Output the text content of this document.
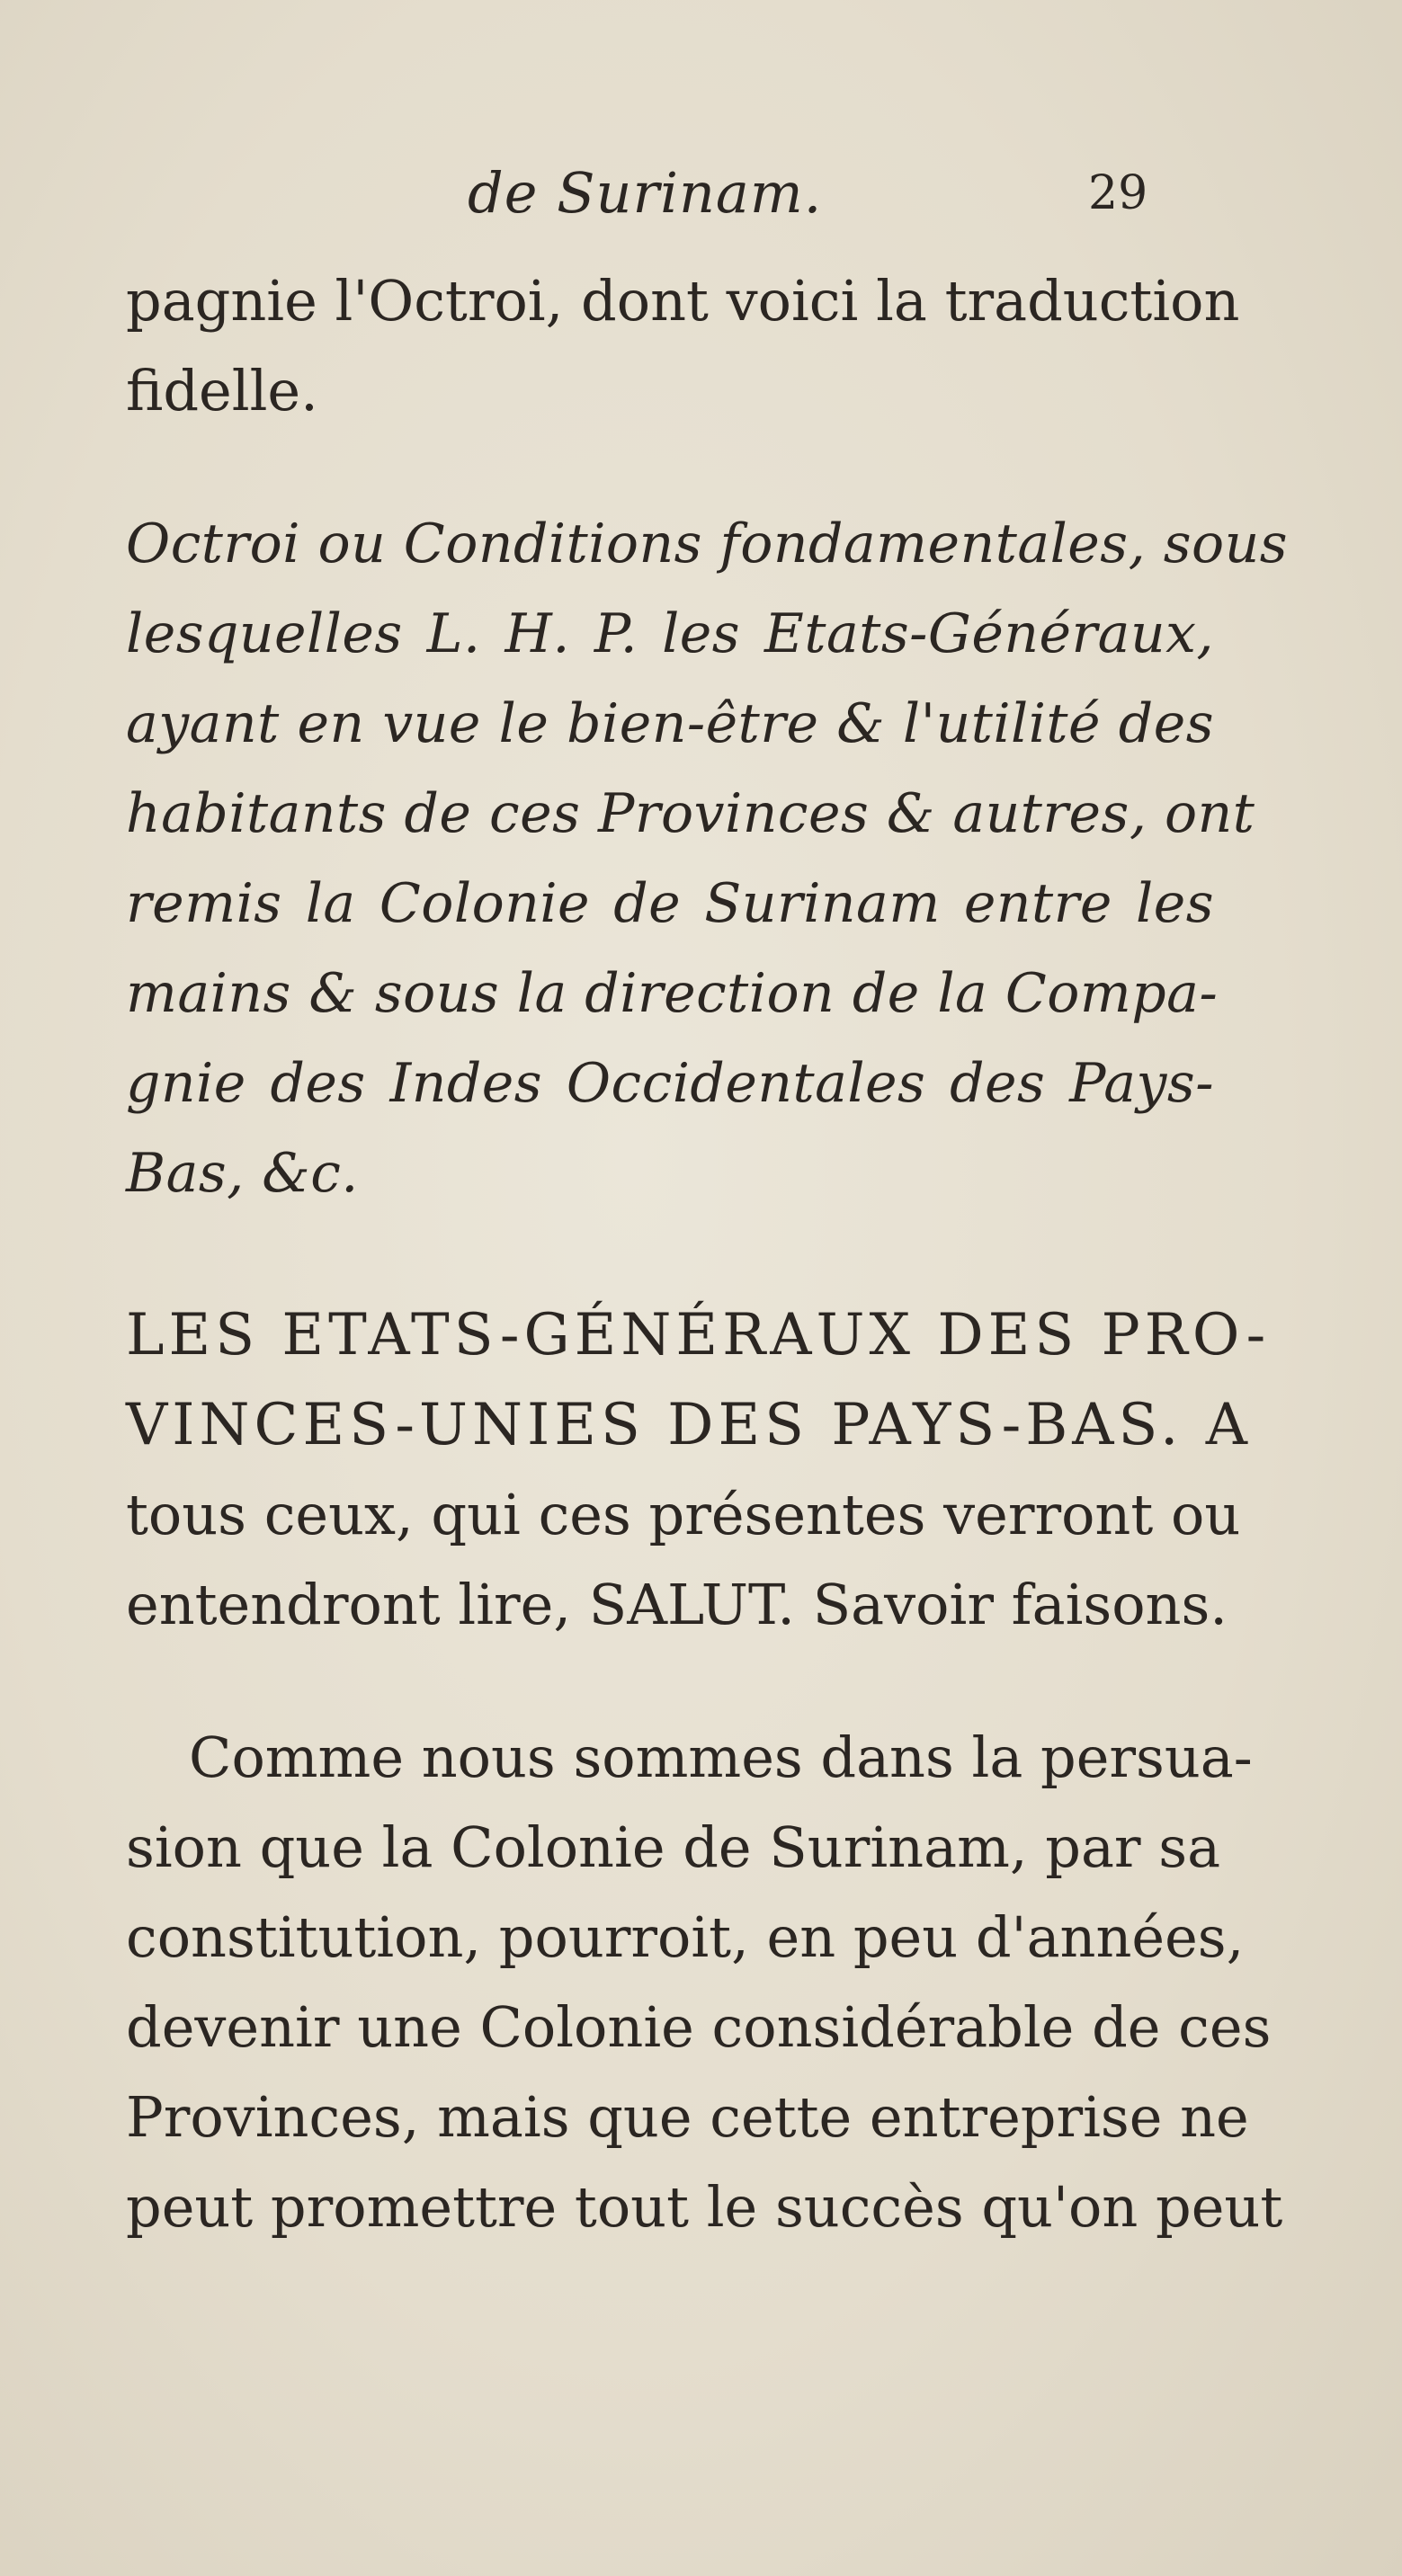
de Surinam.	29
pagnie l'Octroi, dont voici la traduction
fidelle.
Octroi ou Conditions fondamentales, sous
lesquelles L. H. P. les Etats-Généraux,
ayant en vue le bien-être & l'utilité des
habitants de ces Provinces & autres, ont
remis la Colonie de Surinam entre les
mains & sous la direction de la Compa-
gnie des Indes Occidentales des Pays-
Bas, &c.
LES ETATS-GÉNÉRAUX DES PRO-
VINCES-UNIES DES PAYS-BAS. A
tous ceux, qui ces présentes verront ou
entendront lire, SALUT. Savoir faisons.
Comme nous sommes dans la persua-
sion que la Colonie de Surinam, par sa
constitution, pourroit, en peu d'années,
devenir une Colonie considérable de ces
Provinces, mais que cette entreprise ne
peut promettre tout le succès qu'on peut
